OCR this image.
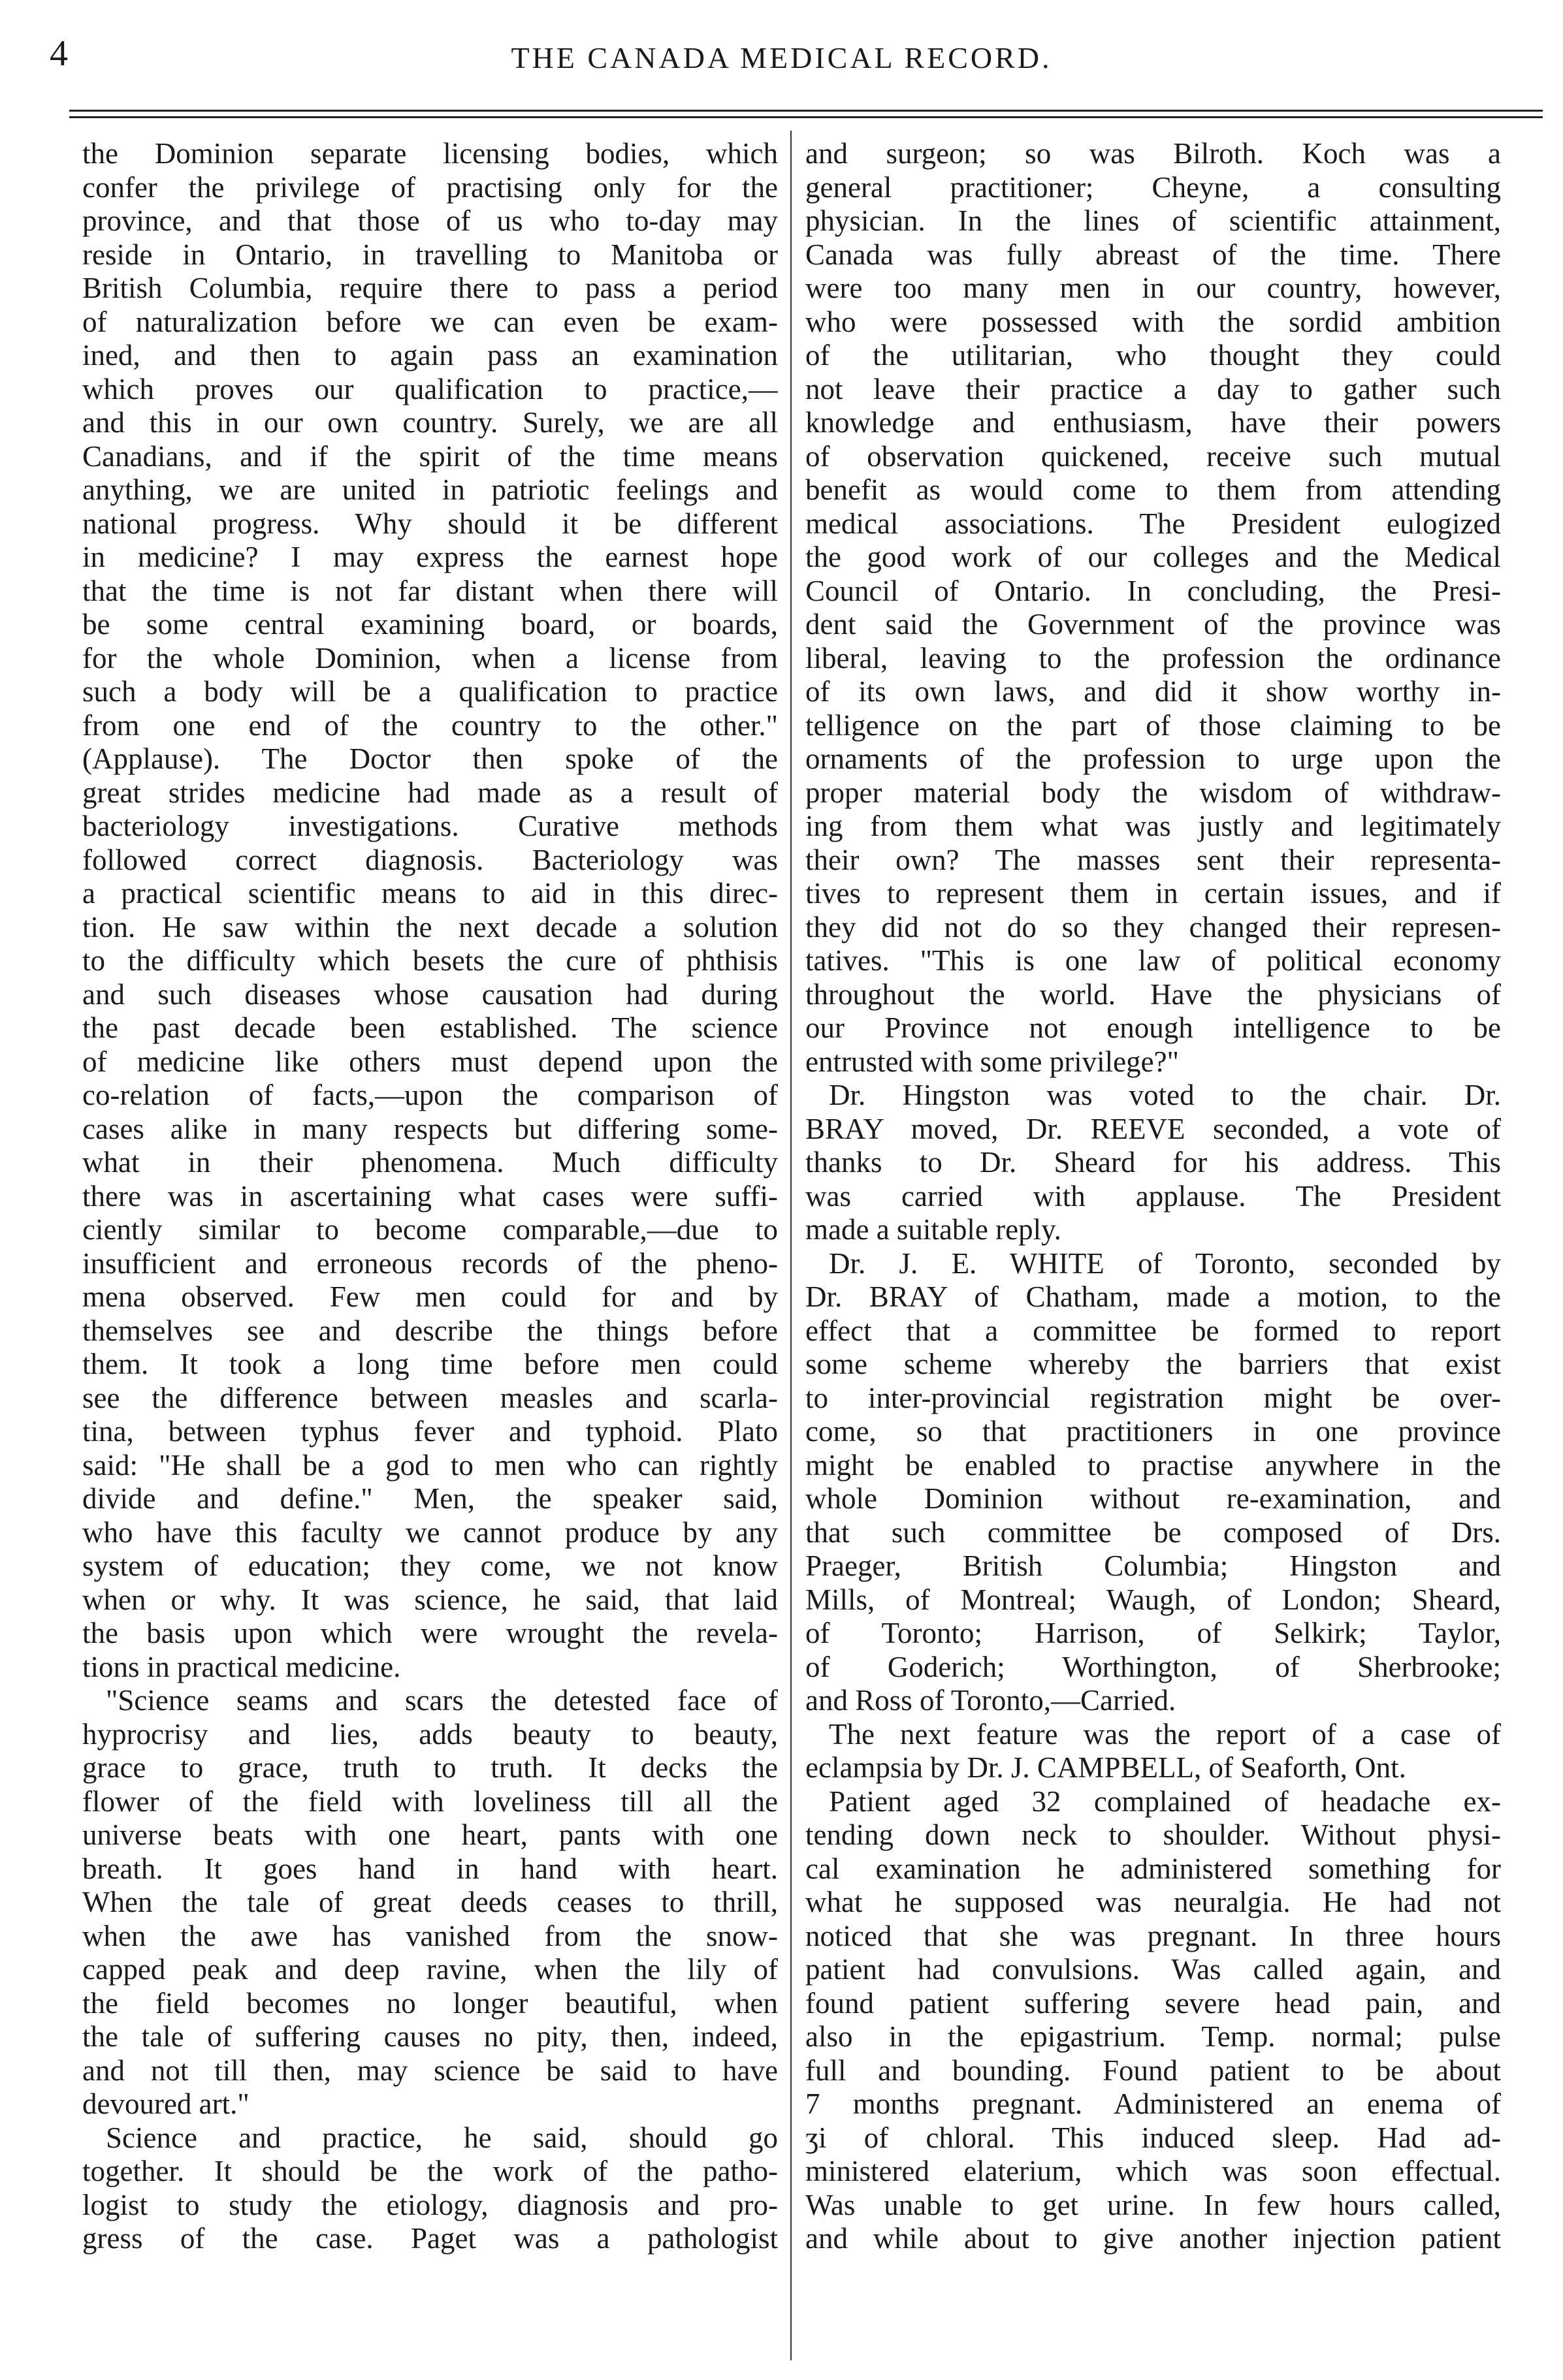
4	THE CANADA MEDICAL RECORD.
the Dominion separate licensing bodies, which
confer the privilege of practising only for the
province, and that those of us who to-day may
reside in Ontario, in travelling to Manitoba or
British Columbia, require there to pass a period
of naturalization before we can even be exam-
ined, and then to again pass an examination
which proves our qualification to practice,—
and this in our own country. Surely, we are all
Canadians, and if the spirit of the time means
anything, we are united in patriotic feelings and
national progress. Why should it be different
in medicine? I may express the earnest hope
that the time is not far distant when there will
be some central examining board, or boards,
for the whole Dominion, when a license from
such a body will be a qualification to practice
from one end of the country to the other."
(Applause). The Doctor then spoke of the
great strides medicine had made as a result of
bacteriology investigations. Curative methods
followed correct diagnosis. Bacteriology was
a practical scientific means to aid in this direc-
tion. He saw within the next decade a solution
to the difficulty which besets the cure of phthisis
and such diseases whose causation had during
the past decade been established. The science
of medicine like others must depend upon the
co-relation of facts,—upon the comparison of
cases alike in many respects but differing some-
what in their phenomena. Much difficulty
there was in ascertaining what cases were suffi-
ciently similar to become comparable,—due to
insufficient and erroneous records of the pheno-
mena observed. Few men could for and by
themselves see and describe the things before
them. It took a long time before men could
see the difference between measles and scarla-
tina, between typhus fever and typhoid. Plato
said: "He shall be a god to men who can rightly
divide and define." Men, the speaker said,
who have this faculty we cannot produce by any
system of education; they come, we not know
when or why. It was science, he said, that laid
the basis upon which were wrought the revela-
tions in practical medicine.
"Science seams and scars the detested face of
hyprocrisy and lies, adds beauty to beauty,
grace to grace, truth to truth. It decks the
flower of the field with loveliness till all the
universe beats with one heart, pants with one
breath. It goes hand in hand with heart.
When the tale of great deeds ceases to thrill,
when the awe has vanished from the snow-
capped peak and deep ravine, when the lily of
the field becomes no longer beautiful, when
the tale of suffering causes no pity, then, indeed,
and not till then, may science be said to have
devoured art."
Science and practice, he said, should go
together. It should be the work of the patho-
logist to study the etiology, diagnosis and pro-
gress of the case. Paget was a pathologist
and surgeon; so was Bilroth. Koch was a
general practitioner; Cheyne, a consulting
physician. In the lines of scientific attainment,
Canada was fully abreast of the time. There
were too many men in our country, however,
who were possessed with the sordid ambition
of the utilitarian, who thought they could
not leave their practice a day to gather such
knowledge and enthusiasm, have their powers
of observation quickened, receive such mutual
benefit as would come to them from attending
medical associations. The President eulogized
the good work of our colleges and the Medical
Council of Ontario. In concluding, the Presi-
dent said the Government of the province was
liberal, leaving to the profession the ordinance
of its own laws, and did it show worthy in-
telligence on the part of those claiming to be
ornaments of the profession to urge upon the
proper material body the wisdom of withdraw-
ing from them what was justly and legitimately
their own? The masses sent their representa-
tives to represent them in certain issues, and if
they did not do so they changed their represen-
tatives. "This is one law of political economy
throughout the world. Have the physicians of
our Province not enough intelligence to be
entrusted with some privilege?"
Dr. Hingston was voted to the chair. Dr.
BRAY moved, Dr. REEVE seconded, a vote of
thanks to Dr. Sheard for his address. This
was carried with applause. The President
made a suitable reply.
Dr. J. E. WHITE of Toronto, seconded by
Dr. BRAY of Chatham, made a motion, to the
effect that a committee be formed to report
some scheme whereby the barriers that exist
to inter-provincial registration might be over-
come, so that practitioners in one province
might be enabled to practise anywhere in the
whole Dominion without re-examination, and
that such committee be composed of Drs.
Praeger, British Columbia; Hingston and
Mills, of Montreal; Waugh, of London; Sheard,
of Toronto; Harrison, of Selkirk; Taylor,
of Goderich; Worthington, of Sherbrooke;
and Ross of Toronto,—Carried.
The next feature was the report of a case of
eclampsia by Dr. J. CAMPBELL, of Seaforth, Ont.
Patient aged 32 complained of headache ex-
tending down neck to shoulder. Without physi-
cal examination he administered something for
what he supposed was neuralgia. He had not
noticed that she was pregnant. In three hours
patient had convulsions. Was called again, and
found patient suffering severe head pain, and
also in the epigastrium. Temp. normal; pulse
full and bounding. Found patient to be about
7 months pregnant. Administered an enema of
ʒi of chloral. This induced sleep. Had ad-
ministered elaterium, which was soon effectual.
Was unable to get urine. In few hours called,
and while about to give another injection patient
